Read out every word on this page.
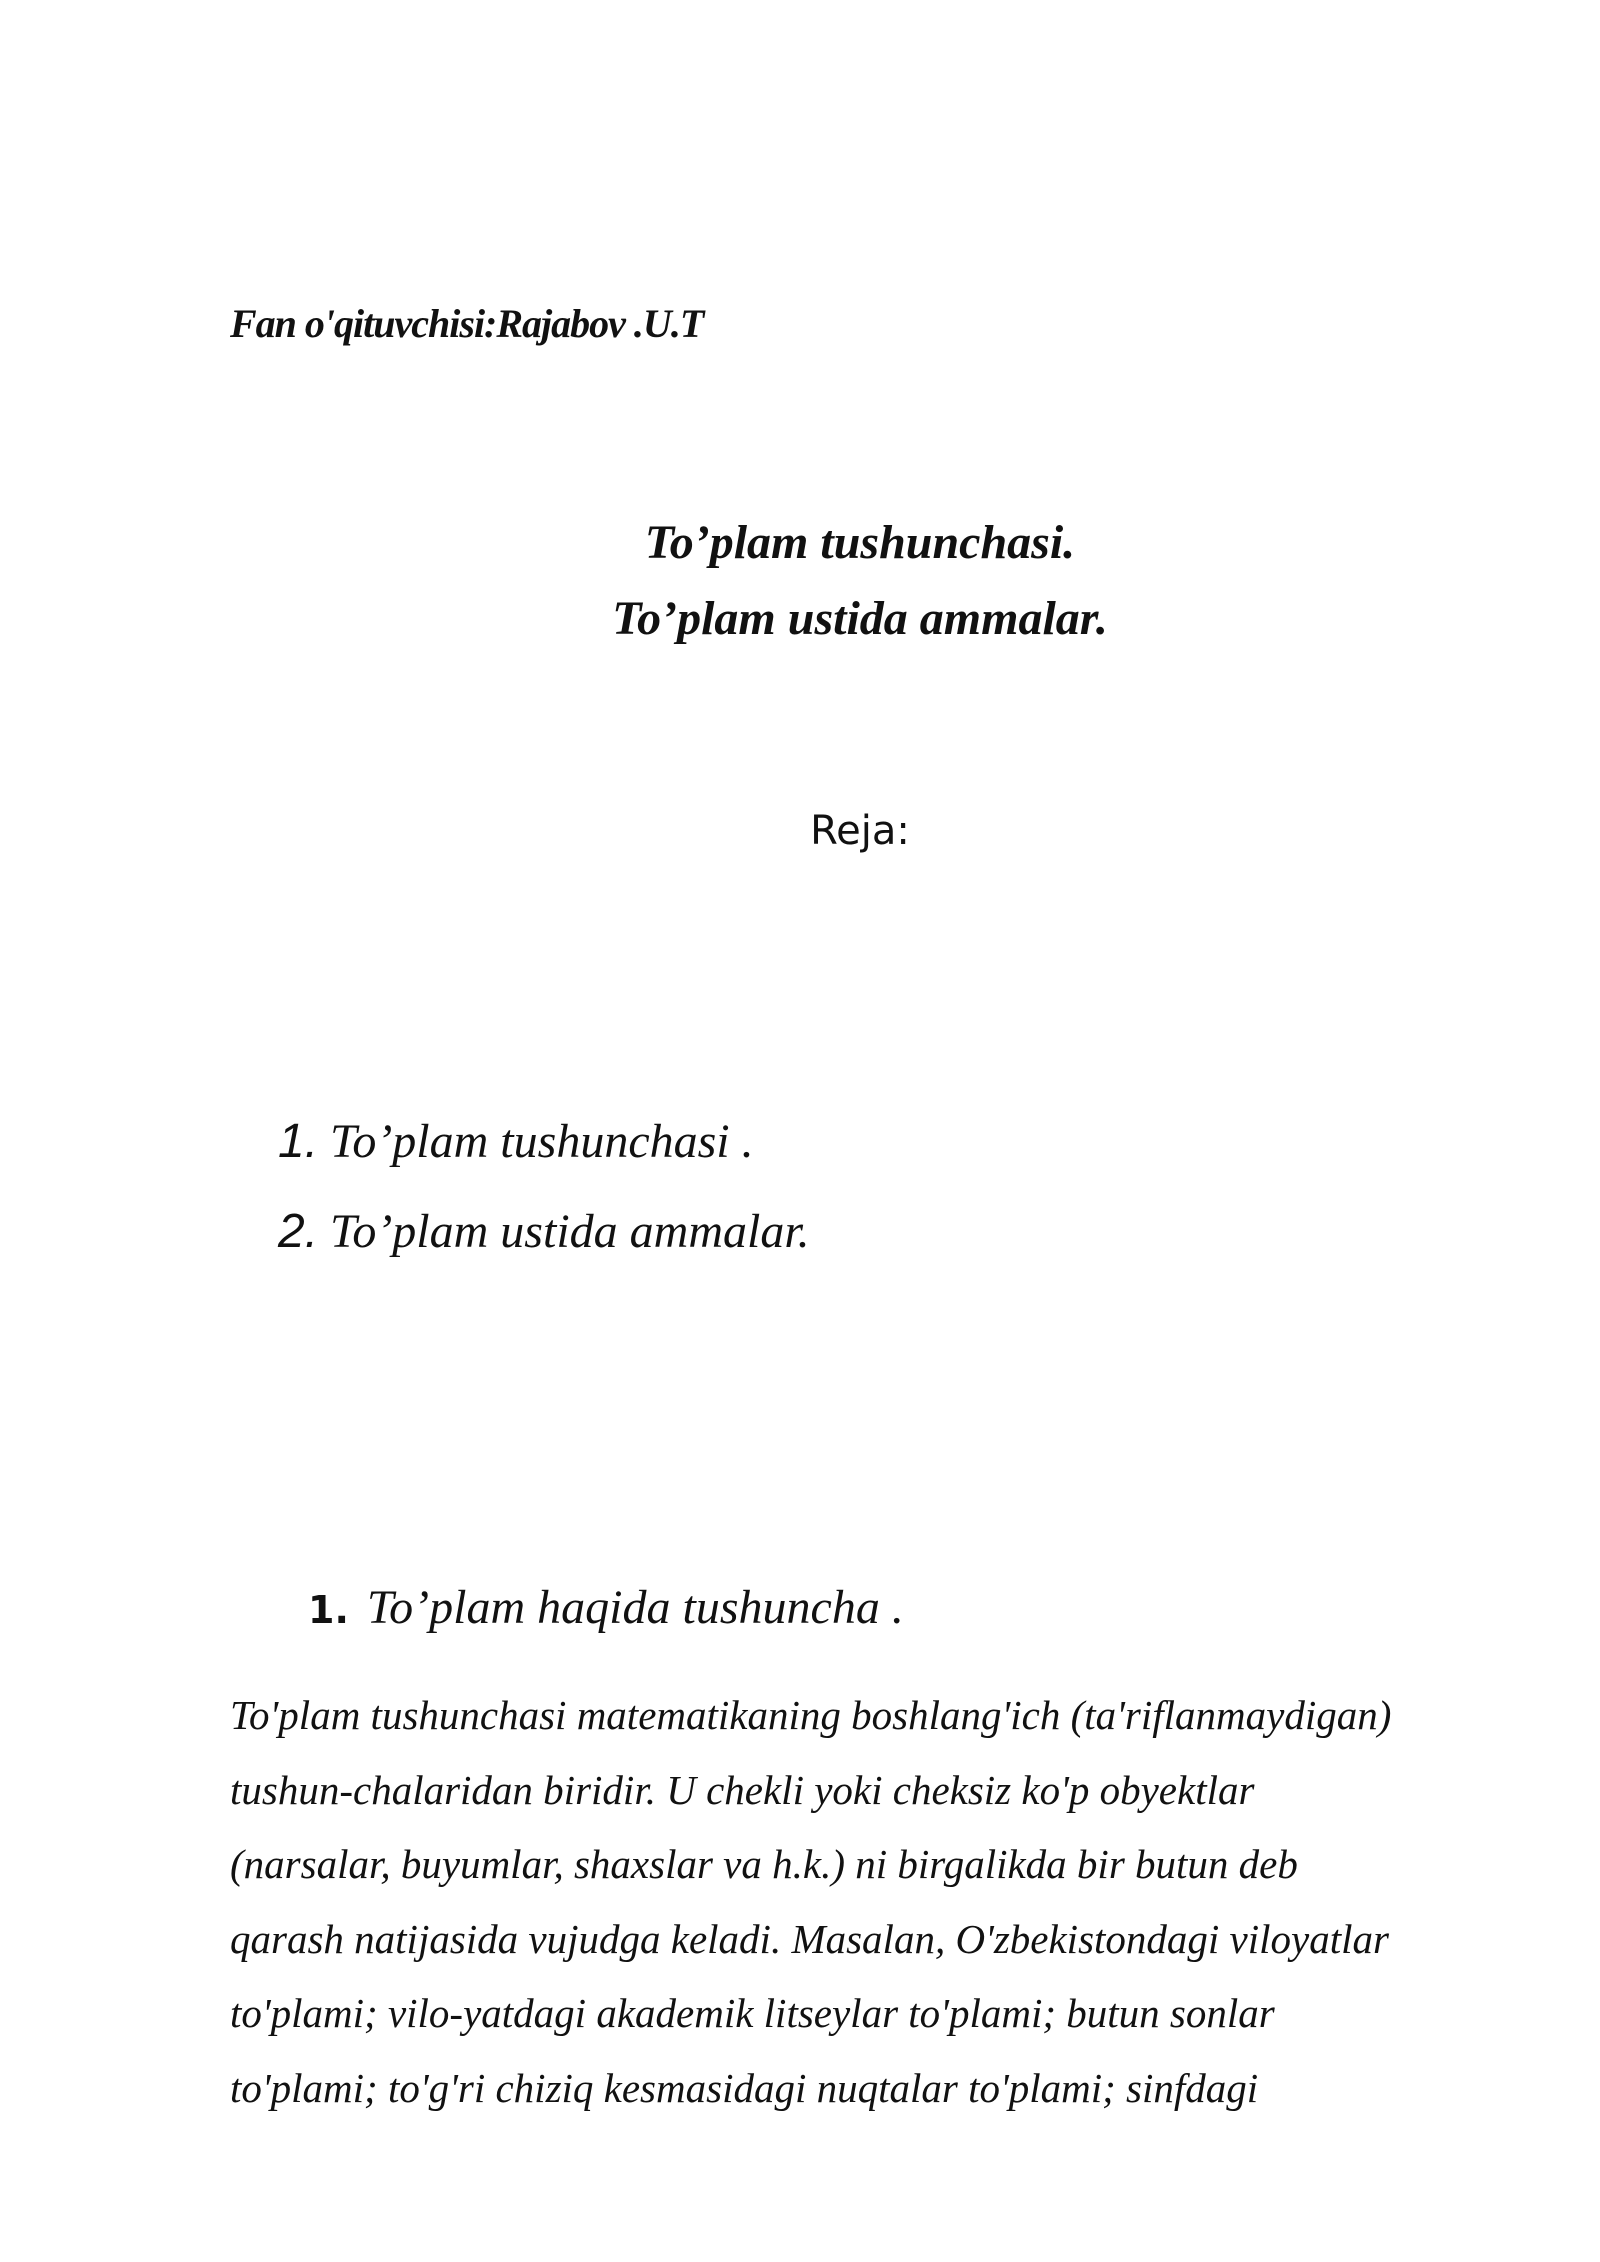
Fan o'qituvchisi:Rajabov .U.T
To’plam tushunchasi.
To’plam ustida ammalar.
Reja:
1. To’plam tushunchasi .
2. To’plam ustida ammalar.
1. To’plam haqida tushuncha .

To'plam tushunchasi matematikaning boshlang'ich (ta'riflanmaydigan)
tushun-chalaridan biridir. U chekli yoki cheksiz ko'p obyektlar
(narsalar, buyumlar, shaxslar va h.k.) ni birgalikda bir butun deb
qarash natijasida vujudga keladi. Masalan, O'zbekistondagi viloyatlar
to'plami; vilo-yatdagi akademik litseylar to'plami; butun sonlar
to'plami; to'g'ri chiziq kesmasidagi nuqtalar to'plami; sinfdagi
